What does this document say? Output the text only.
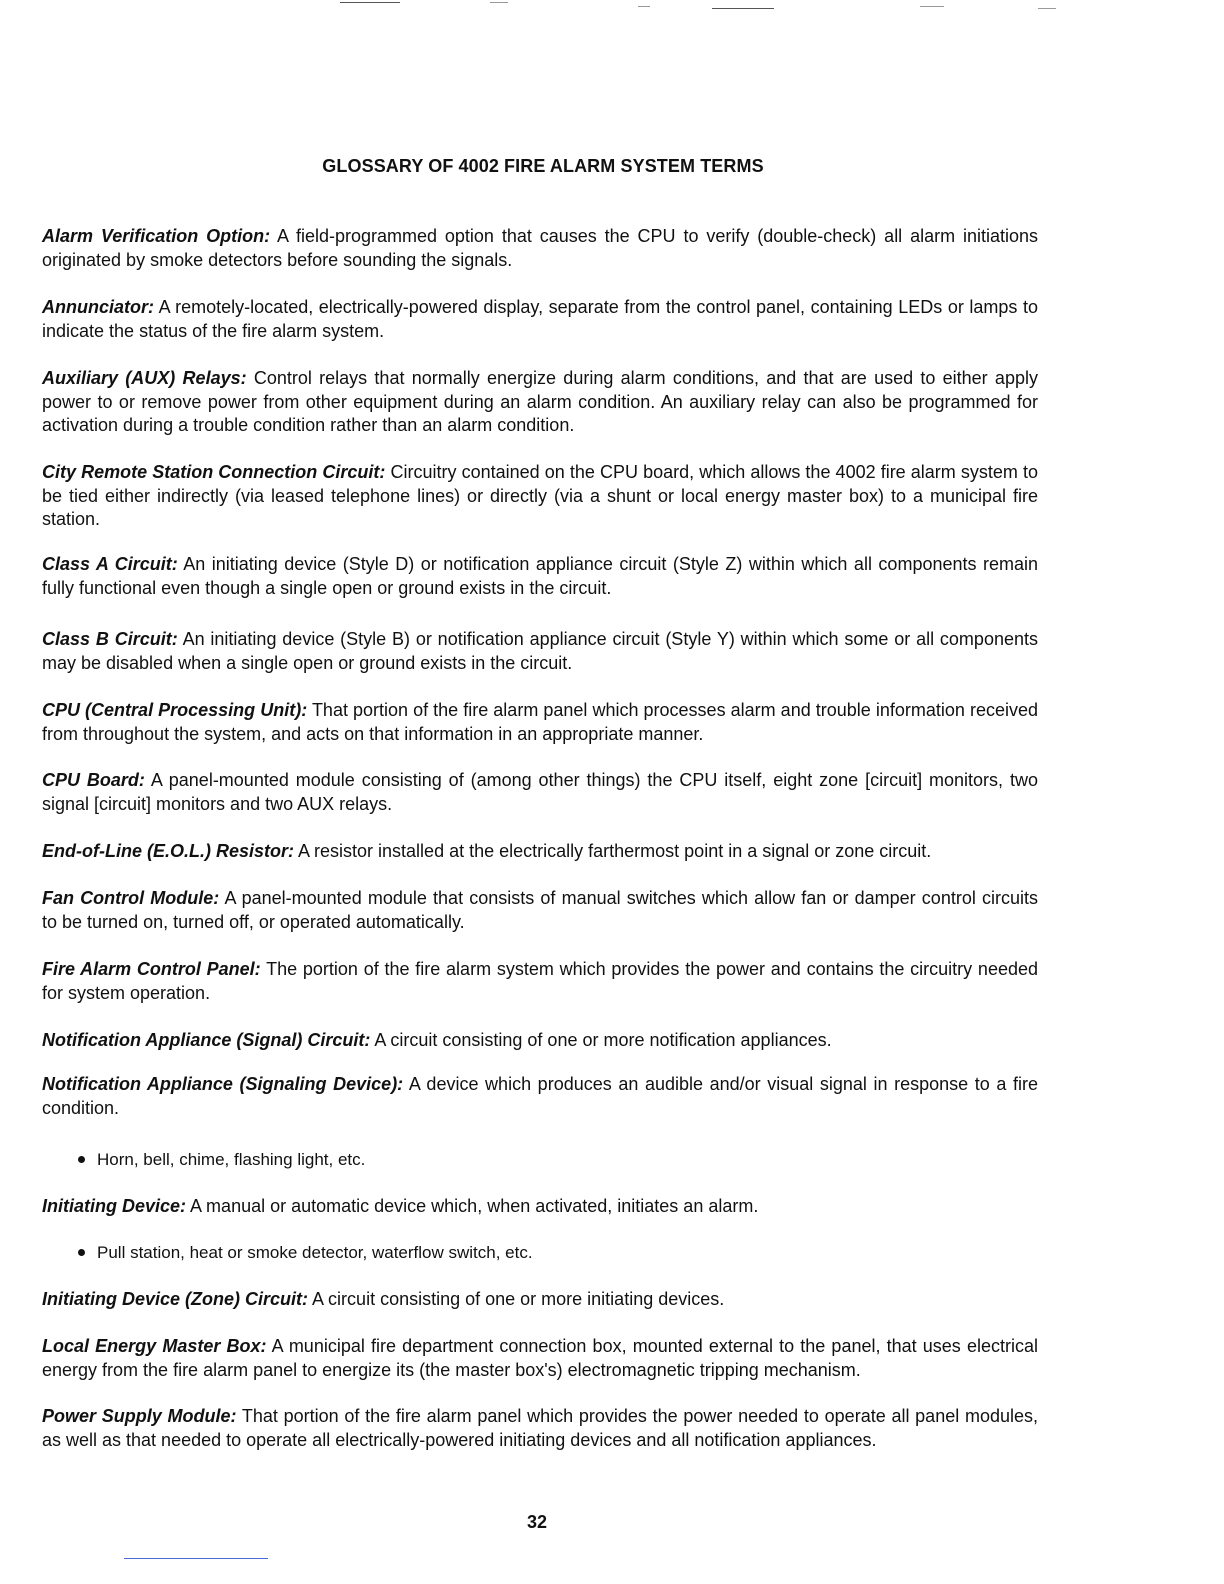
GLOSSARY OF 4002 FIRE ALARM SYSTEM TERMS
Alarm Verification Option: A field-programmed option that causes the CPU to verify (double-check) all alarm initiations originated by smoke detectors before sounding the signals.
Annunciator: A remotely-located, electrically-powered display, separate from the control panel, containing LEDs or lamps to indicate the status of the fire alarm system.
Auxiliary (AUX) Relays: Control relays that normally energize during alarm conditions, and that are used to either apply power to or remove power from other equipment during an alarm condition. An auxiliary relay can also be programmed for activation during a trouble condition rather than an alarm condition.
City Remote Station Connection Circuit: Circuitry contained on the CPU board, which allows the 4002 fire alarm system to be tied either indirectly (via leased telephone lines) or directly (via a shunt or local energy master box) to a municipal fire station.
Class A Circuit: An initiating device (Style D) or notification appliance circuit (Style Z) within which all components remain fully functional even though a single open or ground exists in the circuit.
Class B Circuit: An initiating device (Style B) or notification appliance circuit (Style Y) within which some or all components may be disabled when a single open or ground exists in the circuit.
CPU (Central Processing Unit): That portion of the fire alarm panel which processes alarm and trouble information received from throughout the system, and acts on that information in an appropriate manner.
CPU Board: A panel-mounted module consisting of (among other things) the CPU itself, eight zone [circuit] monitors, two signal [circuit] monitors and two AUX relays.
End-of-Line (E.O.L.) Resistor: A resistor installed at the electrically farthermost point in a signal or zone circuit.
Fan Control Module: A panel-mounted module that consists of manual switches which allow fan or damper control circuits to be turned on, turned off, or operated automatically.
Fire Alarm Control Panel: The portion of the fire alarm system which provides the power and contains the circuitry needed for system operation.
Notification Appliance (Signal) Circuit: A circuit consisting of one or more notification appliances.
Notification Appliance (Signaling Device): A device which produces an audible and/or visual signal in response to a fire condition.
Horn, bell, chime, flashing light, etc.
Initiating Device: A manual or automatic device which, when activated, initiates an alarm.
Pull station, heat or smoke detector, waterflow switch, etc.
Initiating Device (Zone) Circuit: A circuit consisting of one or more initiating devices.
Local Energy Master Box: A municipal fire department connection box, mounted external to the panel, that uses electrical energy from the fire alarm panel to energize its (the master box's) electromagnetic tripping mechanism.
Power Supply Module: That portion of the fire alarm panel which provides the power needed to operate all panel modules, as well as that needed to operate all electrically-powered initiating devices and all notification appliances.
32
